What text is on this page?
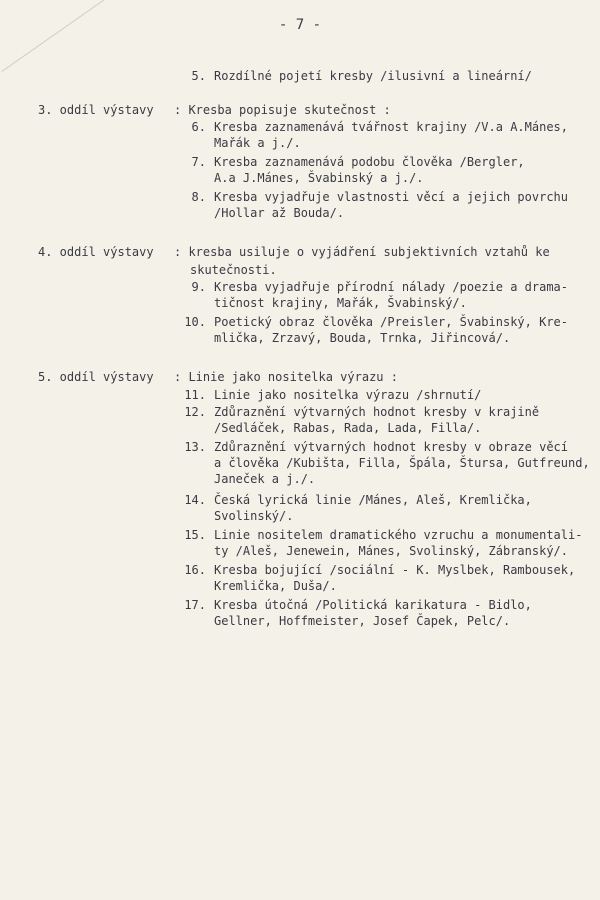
- 7 -
5. Rozdílné pojetí kresby /ilusivní a lineární/
3. oddíl výstavy : Kresba popisuje skutečnost :
6. Kresba zaznamenává tvářnost krajiny /V.a A.Mánes,
Mařák a j./.
7. Kresba zaznamenává podobu člověka /Bergler,
A.a J.Mánes, Švabinský a j./.
8. Kresba vyjadřuje vlastnosti věcí a jejich povrchu
/Hollar až Bouda/.
4. oddíl výstavy : kresba usiluje o vyjádření subjektivních vztahů ke
skutečnosti.
9. Kresba vyjadřuje přírodní nálady /poezie a drama-
tičnost krajiny, Mařák, Švabinský/.
10. Poetický obraz člověka /Preisler, Švabinský, Kre-
mlička, Zrzavý, Bouda, Trnka, Jiřincová/.
5. oddíl výstavy : Linie jako nositelka výrazu :
11. Linie jako nositelka výrazu /shrnutí/
12. Zdůraznění výtvarných hodnot kresby v krajině
/Sedláček, Rabas, Rada, Lada, Filla/.
13. Zdůraznění výtvarných hodnot kresby v obraze věcí
a člověka /Kubišta, Filla, Špála, Štursa, Gutfreund,
Janeček a j./.
14. Česká lyrická linie /Mánes, Aleš, Kremlička,
Svolinský/.
15. Linie nositelem dramatického vzruchu a monumentali-
ty /Aleš, Jenewein, Mánes, Svolinský, Zábranský/.
16. Kresba bojující /sociální - K. Myslbek, Rambousek,
Kremlička, Duša/.
17. Kresba útočná /Politická karikatura - Bidlo,
Gellner, Hoffmeister, Josef Čapek, Pelc/.
